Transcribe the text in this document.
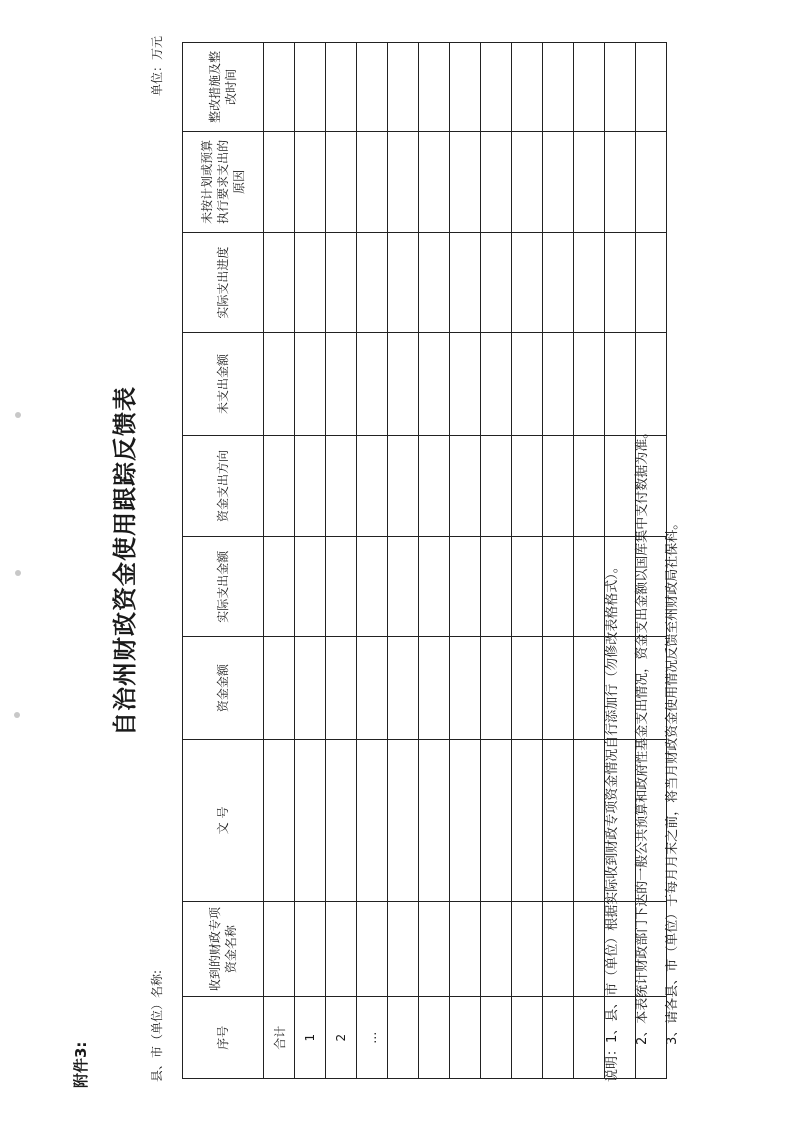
附件3:
自治州财政资金使用跟踪反馈表
县、市（单位）名称:
单位：万元
序号	收到的财政专项资金名称	文 号	资金金额	实际支出金额	资金支出方向	未支出金额	实际支出进度	未按计划或预算执行要求支出的原因	整改措施及整改时间
合计									
1									
2									
…									

										说明：1、县、市（单位）根据实际收到财政专项资金情况自行添加行（勿修改表格格式）。	2、本表统计财政部门下达的一般公共预算和政府性基金支出情况，资金支出金额以国库集中支付数据为准。	3、请各县、市（单位）于每月月末之前，将当月财政资金使用情况反馈至州财政局社保科。
